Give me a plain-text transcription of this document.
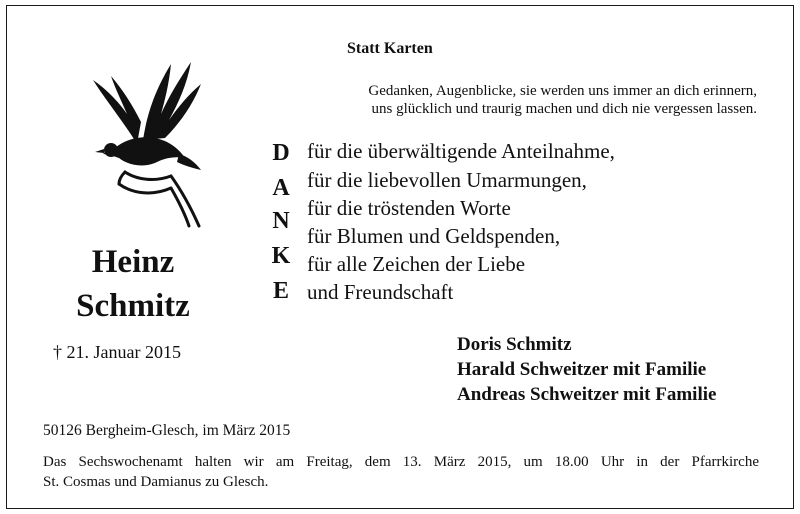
Heinz
Schmitz
† 21. Januar 2015
Statt Karten
Gedanken, Augenblicke, sie werden uns immer an dich erinnern,
uns glücklich und traurig machen und dich nie vergessen lassen.
D
A
N
K
E
für die überwältigende Anteilnahme,
für die liebevollen Umarmungen,
für die tröstenden Worte
für Blumen und Geldspenden,
für alle Zeichen der Liebe
und Freundschaft
Doris Schmitz
Harald Schweitzer mit Familie
Andreas Schweitzer mit Familie
50126 Bergheim-Glesch, im März 2015
Das Sechswochenamt halten wir am Freitag, dem 13. März 2015, um 18.00 Uhr in der Pfarrkirche
St. Cosmas und Damianus zu Glesch.
